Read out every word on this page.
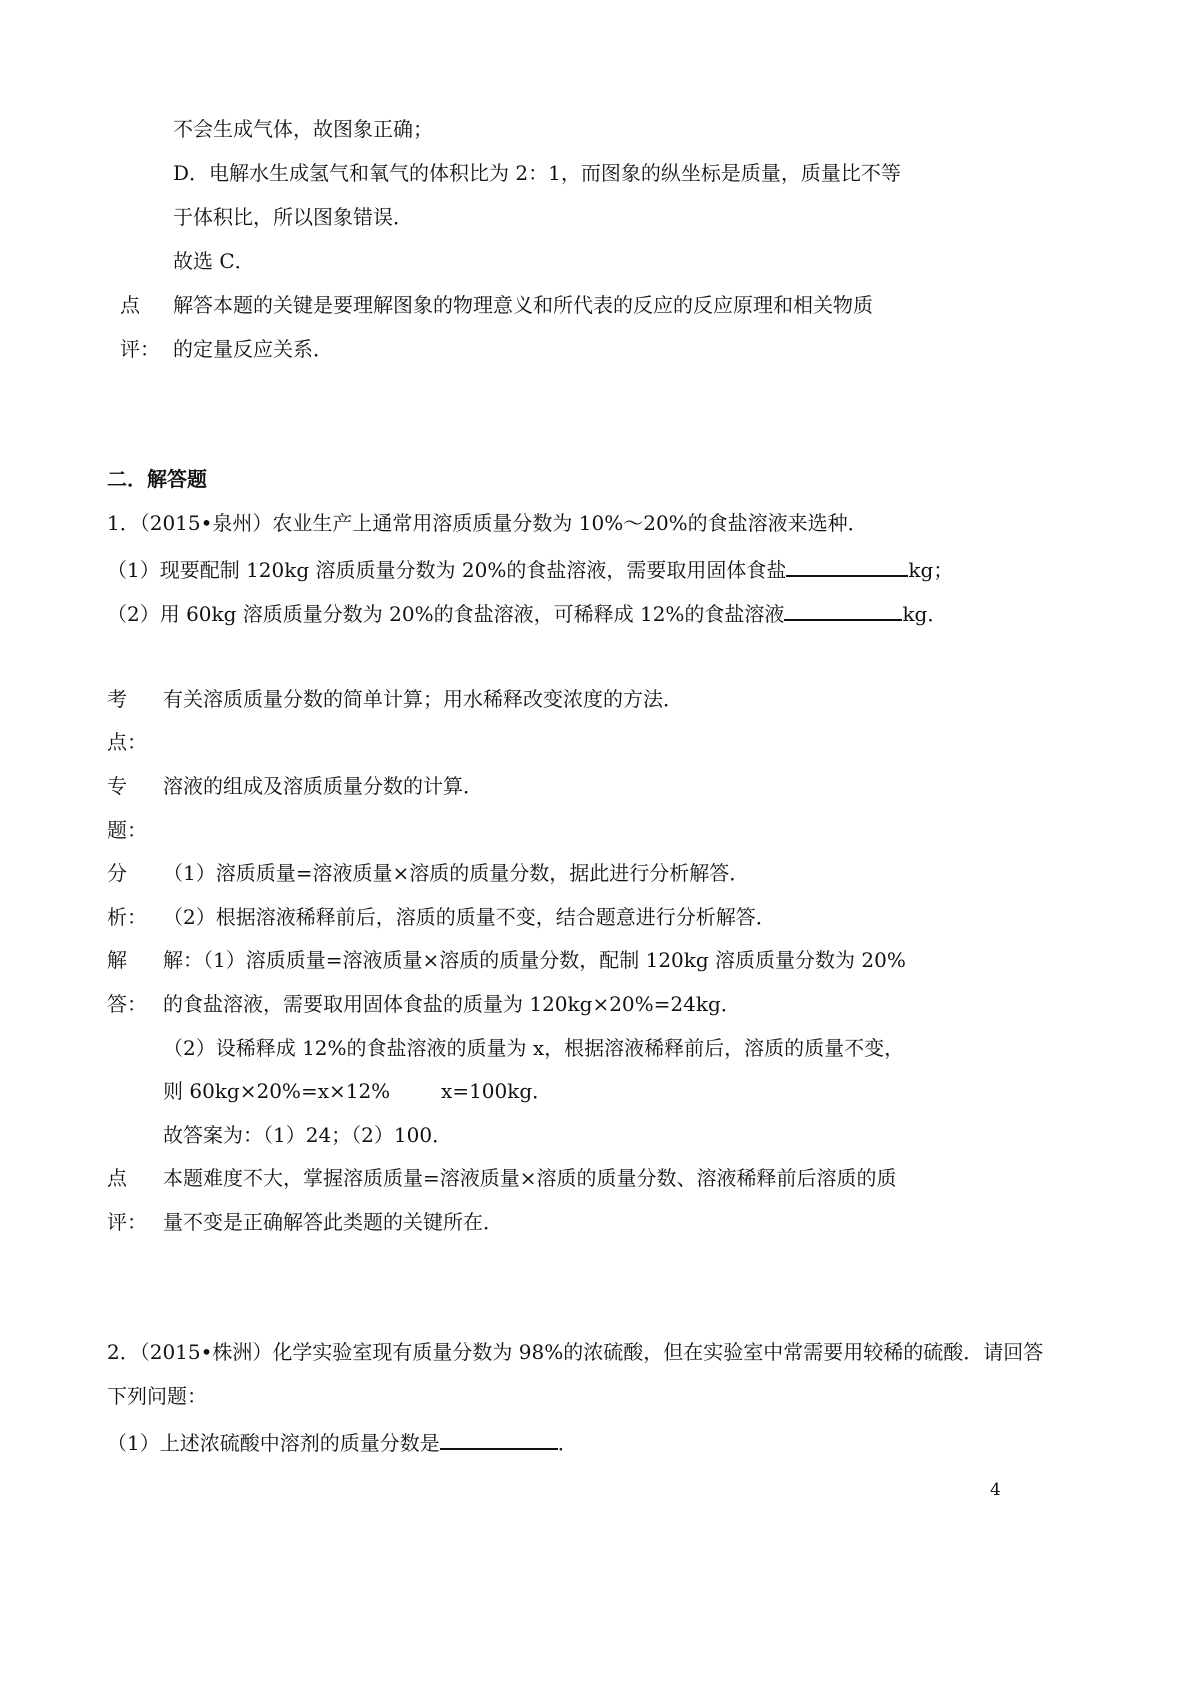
不会生成气体，故图象正确；
D．电解水生成氢气和氧气的体积比为 2：1，而图象的纵坐标是质量，质量比不等
于体积比，所以图象错误．
故选 C．
点
评：
解答本题的关键是要理解图象的物理意义和所代表的反应的反应原理和相关物质
的定量反应关系．
二．解答题
1．（2015•泉州）农业生产上通常用溶质质量分数为 10%～20%的食盐溶液来选种．
（1）现要配制 120kg 溶质质量分数为 20%的食盐溶液，需要取用固体食盐	kg；
（2）用 60kg 溶质质量分数为 20%的食盐溶液，可稀释成 12%的食盐溶液	kg．
考
点：
有关溶质质量分数的简单计算；用水稀释改变浓度的方法．
专
题：
溶液的组成及溶质质量分数的计算．
分
析：
（1）溶质质量=溶液质量×溶质的质量分数，据此进行分析解答．
（2）根据溶液稀释前后，溶质的质量不变，结合题意进行分析解答．
解
答：
解：（1）溶质质量=溶液质量×溶质的质量分数，配制 120kg 溶质质量分数为 20%
的食盐溶液，需要取用固体食盐的质量为 120kg×20%=24kg．
（2）设稀释成 12%的食盐溶液的质量为 x，根据溶液稀释前后，溶质的质量不变，
则 60kg×20%=x×12%        x=100kg．
故答案为：（1）24；（2）100．
点
评：
本题难度不大，掌握溶质质量=溶液质量×溶质的质量分数、溶液稀释前后溶质的质
量不变是正确解答此类题的关键所在．
2．（2015•株洲）化学实验室现有质量分数为 98%的浓硫酸，但在实验室中常需要用较稀的硫酸．请回答
下列问题：
（1）上述浓硫酸中溶剂的质量分数是	．
4
